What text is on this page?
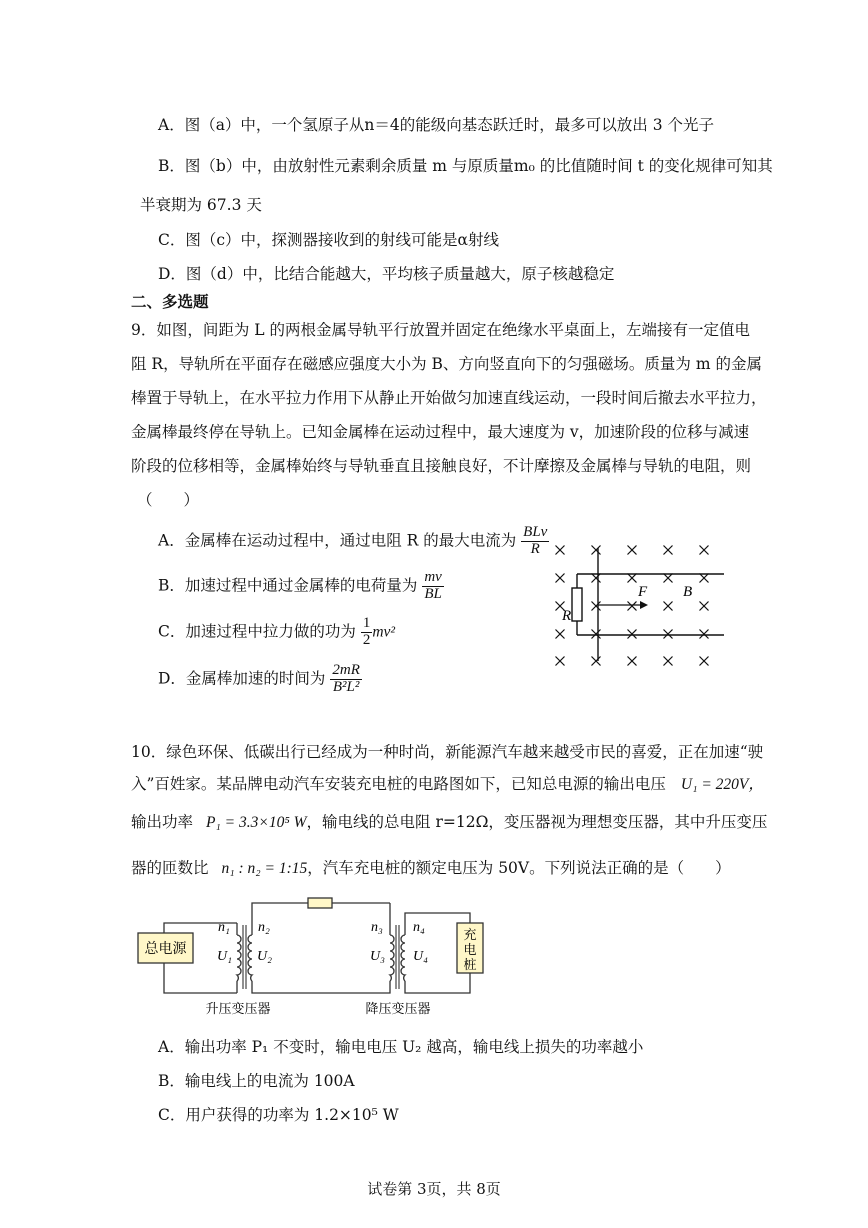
A．图（a）中，一个氢原子从n＝4的能级向基态跃迁时，最多可以放出 3 个光子
B．图（b）中，由放射性元素剩余质量 m 与原质量m₀ 的比值随时间 t 的变化规律可知其
半衰期为 67.3 天
C．图（c）中，探测器接收到的射线可能是α射线
D．图（d）中，比结合能越大，平均核子质量越大，原子核越稳定
二、多选题
9．如图，间距为 L 的两根金属导轨平行放置并固定在绝缘水平桌面上，左端接有一定值电
阻 R，导轨所在平面存在磁感应强度大小为 B、方向竖直向下的匀强磁场。质量为 m 的金属
棒置于导轨上，在水平拉力作用下从静止开始做匀加速直线运动，一段时间后撤去水平拉力，
金属棒最终停在导轨上。已知金属棒在运动过程中，最大速度为 v，加速阶段的位移与减速
阶段的位移相等，金属棒始终与导轨垂直且接触良好，不计摩擦及金属棒与导轨的电阻，则
（　　）
A．金属棒在运动过程中，通过电阻 R 的最大电流为 $\frac{\text{BLv}}{R}$
B．加速过程中通过金属棒的电荷量为 $\frac{mv}{BL}$
C．加速过程中拉力做的功为 $\frac{1}{2} mv^2$
D．金属棒加速的时间为 $\frac{2mR}{\text{B²L²}}$
R
F B
10．绿色环保、低碳出行已经成为一种时尚，新能源汽车越来越受市民的喜爱，正在加速“驶
入”百姓家。某品牌电动汽车安装充电桩的电路图如下，已知总电源的输出电压 U₁ = 220V，
输出功率 P₁ = 3.3×10⁵ W，输电线的总电阻 r=12Ω，变压器视为理想变压器，其中升压变压
器的匝数比 n₁ : n₂ = 1:15，汽车充电桩的额定电压为 50V。下列说法正确的是（　　）
总电源
充电桩
n₁ n₂	n₃ n₄
U₁ U₂	U₃ U₄
升压变压器	降压变压器
A．输出功率 P₁ 不变时，输电电压 U₂ 越高，输电线上损失的功率越小
B．输电线上的电流为 100A
C．用户获得的功率为 1.2×10⁵ W
试卷第 3页，共 8页
